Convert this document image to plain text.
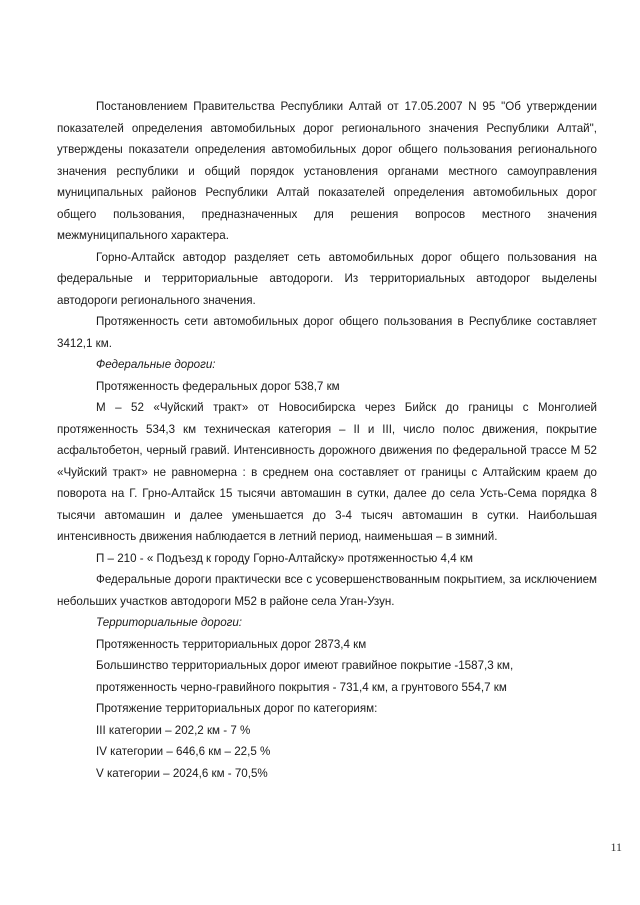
Постановлением Правительства Республики Алтай от 17.05.2007 N 95 "Об утверждении показателей определения автомобильных дорог регионального значения Республики Алтай", утверждены показатели определения автомобильных дорог общего пользования регионального значения республики и общий порядок установления органами местного самоуправления муниципальных районов Республики Алтай показателей определения автомобильных дорог общего пользования, предназначенных для решения вопросов местного значения межмуниципального характера.

Горно-Алтайск автодор разделяет сеть автомобильных дорог общего пользования на федеральные и территориальные автодороги. Из территориальных автодорог выделены автодороги регионального значения.

Протяженность сети автомобильных дорог общего пользования в Республике составляет 3412,1 км.

Федеральные дороги:

Протяженность федеральных дорог 538,7 км

М – 52 «Чуйский тракт» от Новосибирска через Бийск до границы с Монголией протяженность 534,3 км техническая категория – II и III, число полос движения, покрытие асфальтобетон, черный гравий. Интенсивность дорожного движения по федеральной трассе М 52 «Чуйский тракт» не равномерна : в среднем она составляет от границы с Алтайским краем до поворота на Г. Грно-Алтайск 15 тысячи автомашин в сутки, далее до села Усть-Сема порядка 8 тысячи автомашин и далее уменьшается до 3-4 тысяч автомашин в сутки. Наибольшая интенсивность движения наблюдается в летний период, наименьшая – в зимний.

П – 210 - « Подъезд к городу Горно-Алтайску» протяженностью 4,4 км

Федеральные дороги практически все с усовершенствованным покрытием, за исключением небольших участков автодороги М52 в районе села Уган-Узун.

Территориальные дороги:

Протяженность территориальных дорог 2873,4 км

Большинство территориальных дорог имеют гравийное покрытие -1587,3 км,

протяженность черно-гравийного покрытия - 731,4 км, а грунтового 554,7 км

Протяжение территориальных дорог по категориям:

III категории – 202,2 км - 7 %

IV категории – 646,6 км – 22,5 %

V категории – 2024,6 км - 70,5%

11
